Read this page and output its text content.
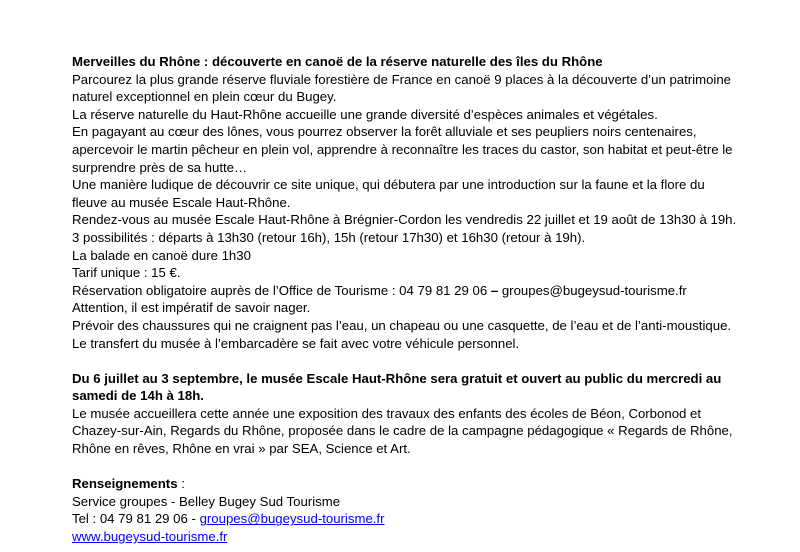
Merveilles du Rhône : découverte en canoë de la réserve naturelle des îles du Rhône

Parcourez la plus grande réserve fluviale forestière de France en canoë 9 places à la découverte d’un patrimoine

naturel exceptionnel en plein cœur du Bugey.

La réserve naturelle du Haut-Rhône accueille une grande diversité d’espèces animales et végétales.

En pagayant au cœur des lônes, vous pourrez observer la forêt alluviale et ses peupliers noirs centenaires,

apercevoir le martin pêcheur en plein vol, apprendre à reconnaître les traces du castor, son habitat et peut-être le

surprendre près de sa hutte…

Une manière ludique de découvrir ce site unique, qui débutera par une introduction sur la faune et la flore du

fleuve au musée Escale Haut-Rhône.

Rendez-vous au musée Escale Haut-Rhône à Brégnier-Cordon les vendredis 22 juillet et 19 août de 13h30 à 19h.

3 possibilités : départs à 13h30 (retour 16h), 15h (retour 17h30) et 16h30 (retour à 19h).

La balade en canoë dure 1h30

Tarif unique : 15 €.

Réservation obligatoire auprès de l’Office de Tourisme : 04 79 81 29 06 – groupes@bugeysud-tourisme.fr

Attention, il est impératif de savoir nager.

Prévoir des chaussures qui ne craignent pas l’eau, un chapeau ou une casquette, de l’eau et de l’anti-moustique.

Le transfert du musée à l’embarcadère se fait avec votre véhicule personnel.

Du 6 juillet au 3 septembre, le musée Escale Haut-Rhône sera gratuit et ouvert au public du mercredi au

samedi de 14h à 18h.

Le musée accueillera cette année une exposition des travaux des enfants des écoles de Béon, Corbonod et

Chazey-sur-Ain, Regards du Rhône, proposée dans le cadre de la campagne pédagogique « Regards de Rhône,

Rhône en rêves, Rhône en vrai » par SEA, Science et Art.

Renseignements :

Service groupes - Belley Bugey Sud Tourisme

Tel : 04 79 81 29 06 - groupes@bugeysud-tourisme.fr

www.bugeysud-tourisme.fr
